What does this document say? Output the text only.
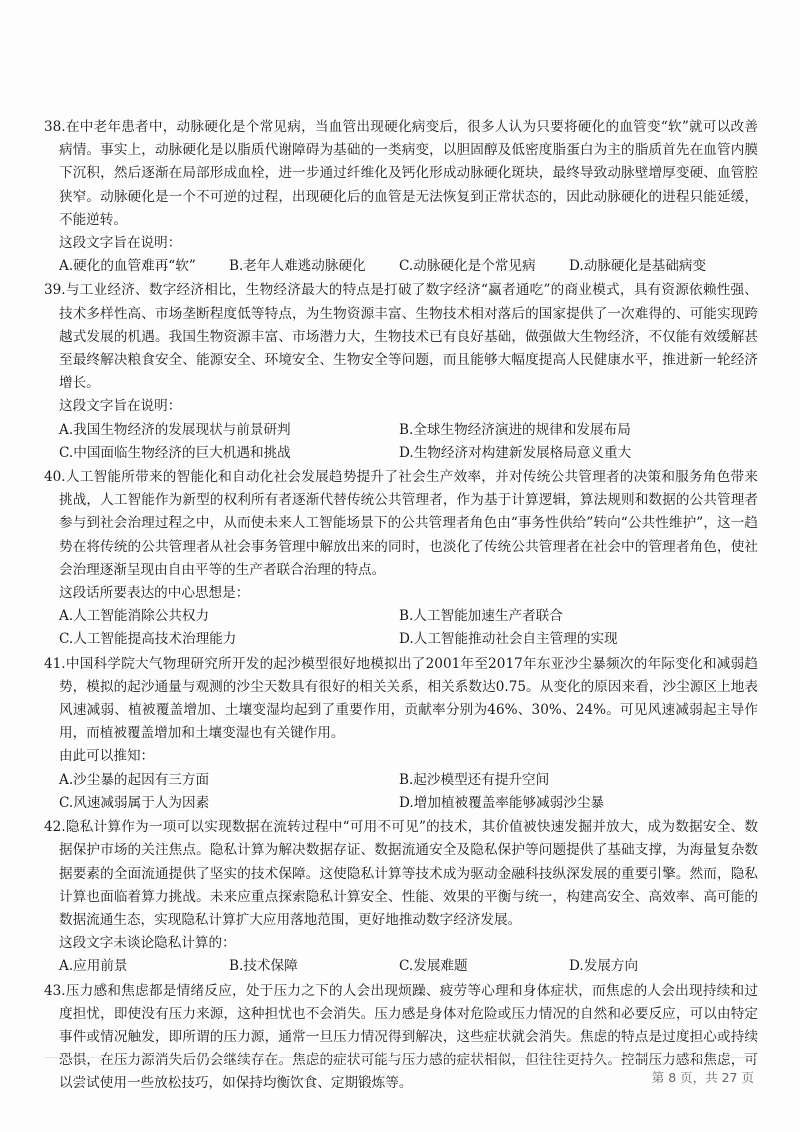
38.在中老年患者中，动脉硬化是个常见病，当血管出现硬化病变后，很多人认为只要将硬化的血管变“软”就可以改善病情。事实上，动脉硬化是以脂质代谢障碍为基础的一类病变，以胆固醇及低密度脂蛋白为主的脂质首先在血管内膜下沉积，然后逐渐在局部形成血栓，进一步通过纤维化及钙化形成动脉硬化斑块，最终导致动脉壁增厚变硬、血管腔狭窄。动脉硬化是一个不可逆的过程，出现硬化后的血管是无法恢复到正常状态的，因此动脉硬化的进程只能延缓，不能逆转。
这段文字旨在说明：
A.硬化的血管难再“软”	B.老年人难逃动脉硬化	C.动脉硬化是个常见病	D.动脉硬化是基础病变
39.与工业经济、数字经济相比，生物经济最大的特点是打破了数字经济“赢者通吃”的商业模式，具有资源依赖性强、技术多样性高、市场垄断程度低等特点，为生物资源丰富、生物技术相对落后的国家提供了一次难得的、可能实现跨越式发展的机遇。我国生物资源丰富、市场潜力大，生物技术已有良好基础，做强做大生物经济，不仅能有效缓解甚至最终解决粮食安全、能源安全、环境安全、生物安全等问题，而且能够大幅度提高人民健康水平，推进新一轮经济增长。
这段文字旨在说明：
A.我国生物经济的发展现状与前景研判	B.全球生物经济演进的规律和发展布局
C.中国面临生物经济的巨大机遇和挑战	D.生物经济对构建新发展格局意义重大
40.人工智能所带来的智能化和自动化社会发展趋势提升了社会生产效率，并对传统公共管理者的决策和服务角色带来挑战，人工智能作为新型的权利所有者逐渐代替传统公共管理者，作为基于计算逻辑，算法规则和数据的公共管理者参与到社会治理过程之中，从而使未来人工智能场景下的公共管理者角色由“事务性供给”转向“公共性维护”，这一趋势在将传统的公共管理者从社会事务管理中解放出来的同时，也淡化了传统公共管理者在社会中的管理者角色，使社会治理逐渐呈现由自由平等的生产者联合治理的特点。
这段话所要表达的中心思想是：
A.人工智能消除公共权力	B.人工智能加速生产者联合
C.人工智能提高技术治理能力	D.人工智能推动社会自主管理的实现
41.中国科学院大气物理研究所开发的起沙模型很好地模拟出了2001年至2017年东亚沙尘暴频次的年际变化和减弱趋势，模拟的起沙通量与观测的沙尘天数具有很好的相关关系，相关系数达0.75。从变化的原因来看，沙尘源区上地表风速减弱、植被覆盖增加、土壤变湿均起到了重要作用，贡献率分别为46%、30%、24%。可见风速减弱起主导作用，而植被覆盖增加和土壤变湿也有关键作用。
由此可以推知：
A.沙尘暴的起因有三方面	B.起沙模型还有提升空间
C.风速减弱属于人为因素	D.增加植被覆盖率能够减弱沙尘暴
42.隐私计算作为一项可以实现数据在流转过程中“可用不可见”的技术，其价值被快速发掘并放大，成为数据安全、数据保护市场的关注焦点。隐私计算为解决数据存证、数据流通安全及隐私保护等问题提供了基础支撑，为海量复杂数据要素的全面流通提供了坚实的技术保障。这使隐私计算等技术成为驱动金融科技纵深发展的重要引擎。然而，隐私计算也面临着算力挑战。未来应重点探索隐私计算安全、性能、效果的平衡与统一，构建高安全、高效率、高可能的数据流通生态，实现隐私计算扩大应用落地范围，更好地推动数字经济发展。
这段文字未谈论隐私计算的：
A.应用前景	B.技术保障	C.发展难题	D.发展方向
43.压力感和焦虑都是情绪反应，处于压力之下的人会出现烦躁、疲劳等心理和身体症状，而焦虑的人会出现持续和过度担忧，即使没有压力来源，这种担忧也不会消失。压力感是身体对危险或压力情况的自然和必要反应，可以由特定事件或情况触发，即所谓的压力源，通常一旦压力情况得到解决，这些症状就会消失。焦虑的特点是过度担心或持续恐惧，在压力源消失后仍会继续存在。焦虑的症状可能与压力感的症状相似，但往往更持久。控制压力感和焦虑，可以尝试使用一些放松技巧，如保持均衡饮食、定期锻炼等。	第 8 页，共 27 页
